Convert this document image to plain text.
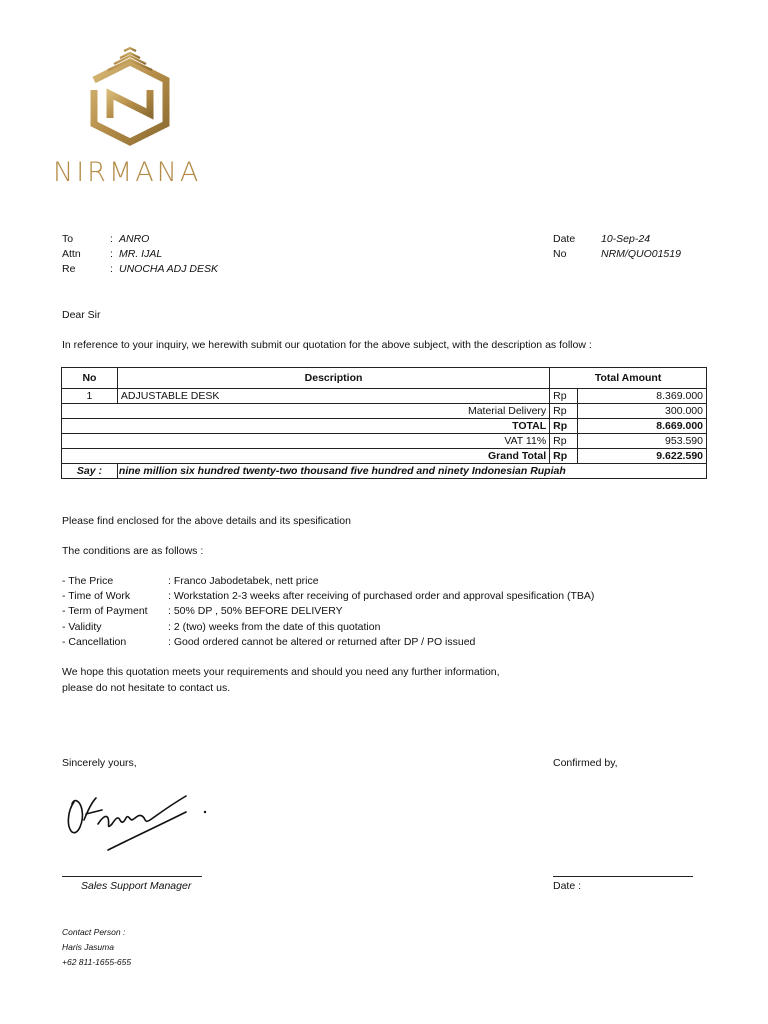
NIRMANA
To	: ANRO
Attn	: MR. IJAL
Re	: UNOCHA ADJ DESK
Date 10-Sep-24
No	NRM/QUO01519
Dear Sir
In reference to your inquiry, we herewith submit our quotation for the above subject, with the description as follow :
No	Description	Total Amount	
1	ADJUSTABLE DESK	Rp	8.369.000
Material Delivery		Rp	300.000
TOTAL		Rp	8.669.000
VAT 11%		Rp	953.590
Grand Total		Rp	9.622.590
Say :	nine million six hundred twenty-two thousand five hundred and ninety Indonesian Rupiah		
Please find enclosed for the above details and its spesification
The conditions are as follows :
- The Price	: Franco Jabodetabek, nett price
- Time of Work	: Workstation 2-3 weeks after receiving of purchased order and approval spesification (TBA)
- Term of Payment : 50% DP , 50% BEFORE DELIVERY
- Validity	: 2 (two) weeks from the date of this quotation
- Cancellation	: Good ordered cannot be altered or returned after DP / PO issued
We hope this quotation meets your requirements and should you need any further information,
please do not hesitate to contact us.
Sincerely yours,	Confirmed by,
Sales Support Manager	Date :
Contact Person :
Haris Jasuma
+62 811-1655-655
